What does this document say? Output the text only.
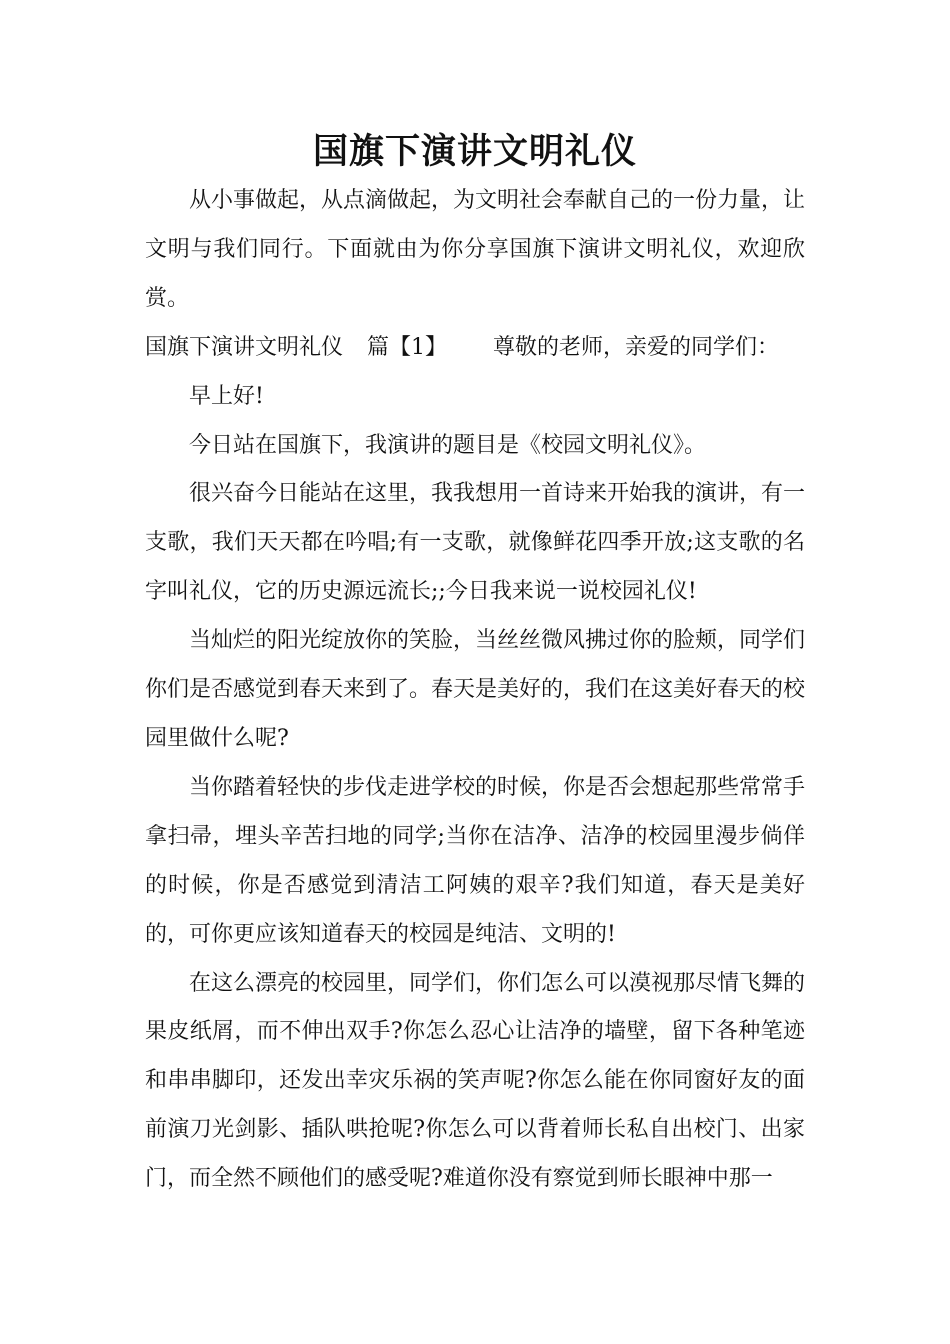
国旗下演讲文明礼仪

从小事做起，从点滴做起，为文明社会奉献自己的一份力量，让文明与我们同行。下面就由为你分享国旗下演讲文明礼仪，欢迎欣赏。

国旗下演讲文明礼仪 篇【1】 尊敬的老师，亲爱的同学们：

早上好!

今日站在国旗下，我演讲的题目是《校园文明礼仪》。

很兴奋今日能站在这里，我我想用一首诗来开始我的演讲，有一支歌，我们天天都在吟唱;有一支歌，就像鲜花四季开放;这支歌的名字叫礼仪，它的历史源远流长;;今日我来说一说校园礼仪!

当灿烂的阳光绽放你的笑脸，当丝丝微风拂过你的脸颊，同学们你们是否感觉到春天来到了。春天是美好的，我们在这美好春天的校园里做什么呢?

当你踏着轻快的步伐走进学校的时候，你是否会想起那些常常手拿扫帚，埋头辛苦扫地的同学;当你在洁净、洁净的校园里漫步倘佯的时候，你是否感觉到清洁工阿姨的艰辛?我们知道，春天是美好的，可你更应该知道春天的校园是纯洁、文明的!

在这么漂亮的校园里，同学们，你们怎么可以漠视那尽情飞舞的果皮纸屑，而不伸出双手?你怎么忍心让洁净的墙壁，留下各种笔迹和串串脚印，还发出幸灾乐祸的笑声呢?你怎么能在你同窗好友的面前演刀光剑影、插队哄抢呢?你怎么可以背着师长私自出校门、出家门，而全然不顾他们的感受呢?难道你没有察觉到师长眼神中那一
